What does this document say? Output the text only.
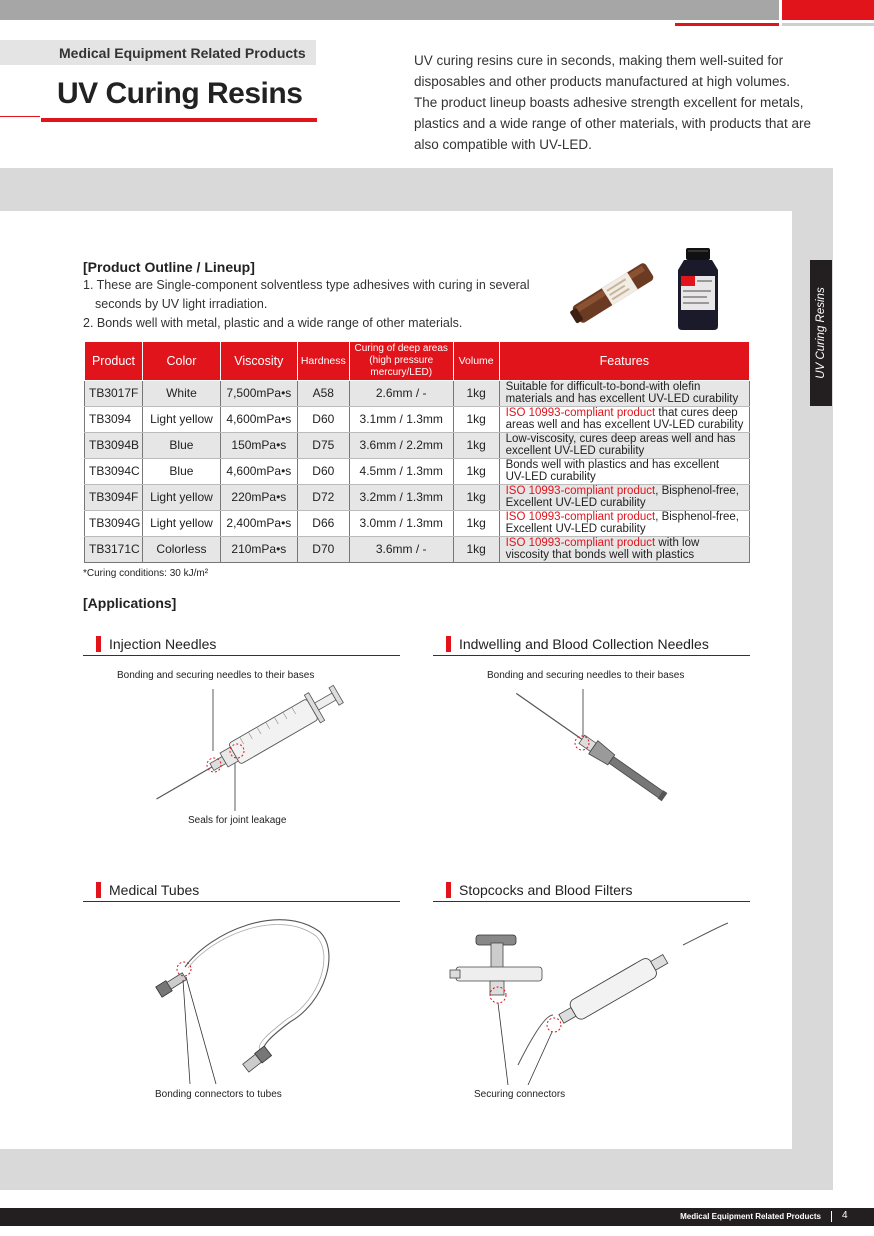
Medical Equipment Related Products
UV Curing Resins

UV curing resins cure in seconds, making them well-suited for disposables and other products manufactured at high volumes. The product lineup boasts adhesive strength excellent for metals, plastics and a wide range of other materials, with products that are also compatible with UV-LED.

UV Curing Resins
[Product Outline / Lineup]
1. These are Single-component solventless type adhesives with curing in several
seconds by UV light irradiation.
2. Bonds well with metal, plastic and a wide range of other materials.
Product	Color	Viscosity	Hardness	Curing of deep areas
(high pressure mercury/LED)	Volume	Features
TB3017F	White	7,500mPa•s	A58	2.6mm / -	1kg	Suitable for difficult-to-bond-with olefin
materials and has excellent UV-LED curability

TB3094	Light yellow	4,600mPa•s	D60	3.1mm / 1.3mm	1kg	ISO 10993-compliant product that cures deep
areas well and has excellent UV-LED curability

TB3094B	Blue	150mPa•s	D75	3.6mm / 2.2mm	1kg	Low-viscosity, cures deep areas well and has
excellent UV-LED curability

TB3094C	Blue	4,600mPa•s	D60	4.5mm / 1.3mm	1kg	Bonds well with plastics and has excellent
UV-LED curability

TB3094F	Light yellow	220mPa•s	D72	3.2mm / 1.3mm	1kg	ISO 10993-compliant product, Bisphenol-free,
Excellent UV-LED curability

TB3094G	Light yellow	2,400mPa•s	D66	3.0mm / 1.3mm	1kg	ISO 10993-compliant product, Bisphenol-free,
Excellent UV-LED curability

TB3171C	Colorless	210mPa•s	D70	3.6mm / -	1kg	ISO 10993-compliant product with low
viscosity that bonds well with plastics
*Curing conditions: 30 kJ/m²
[Applications]
Injection Needles
Bonding and securing needles to their bases
Seals for joint leakage
Indwelling and Blood Collection Needles
Bonding and securing needles to their bases
Medical Tubes
Bonding connectors to tubes
Stopcocks and Blood Filters
Securing connectors
Medical Equipment Related Products 4
